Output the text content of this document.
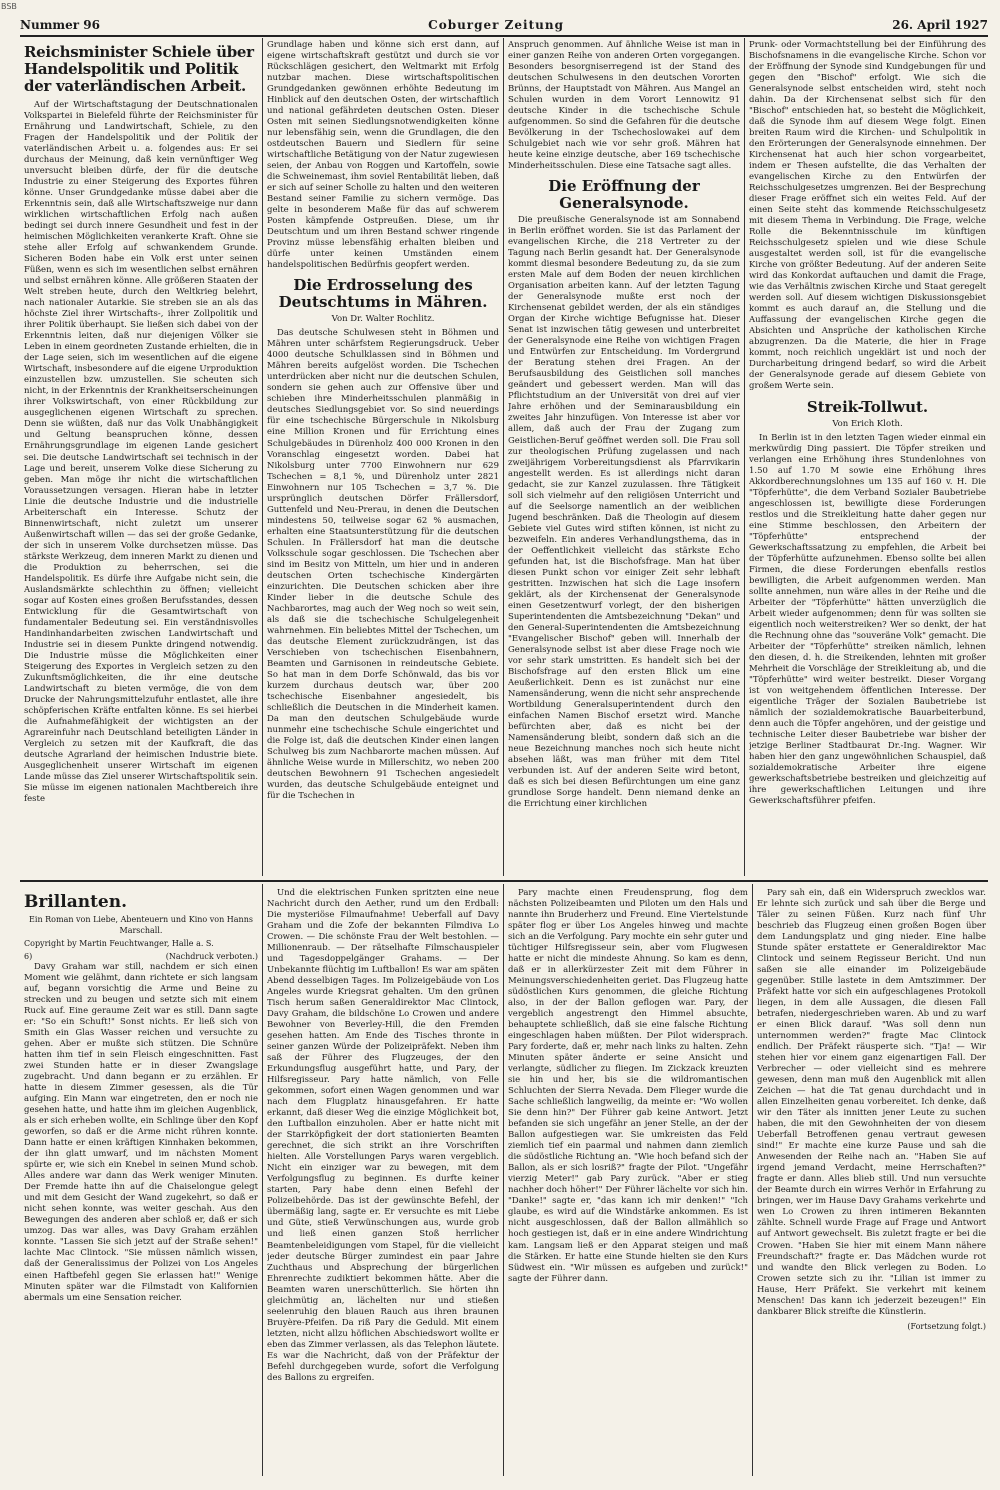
BSB
Nummer 96	Coburger Zeitung	26. April 1927
Reichsminister Schiele über Handelspolitik und Politik der vaterländischen Arbeit.

Auf der Wirtschaftstagung der Deutschnationalen Volkspartei in Bielefeld führte der Reichsminister für Ernährung und Landwirtschaft, Schiele, zu den Fragen der Handelspolitik und der Politik der vaterländischen Arbeit u. a. folgendes aus: Er sei durchaus der Meinung, daß kein vernünftiger Weg unversucht bleiben dürfe, der für die deutsche Industrie zu einer Steigerung des Exportes führen könne. Unser Grundgedanke müsse dabei aber die Erkenntnis sein, daß alle Wirtschaftszweige nur dann wirklichen wirtschaftlichen Erfolg nach außen bedingt sei durch innere Gesundheit und fest in der heimischen Möglichkeiten verankerte Kraft. Ohne sie stehe aller Erfolg auf schwankendem Grunde. Sicheren Boden habe ein Volk erst unter seinen Füßen, wenn es sich im wesentlichen selbst ernähren und selbst ernähren könne. Alle größeren Staaten der Welt streben heute, durch den Weltkrieg belehrt, nach nationaler Autarkie. Sie streben sie an als das höchste Ziel ihrer Wirtschafts-, ihrer Zollpolitik und ihrer Politik überhaupt. Sie ließen sich dabei von der Erkenntnis leiten, daß nur diejenigen Völker sie Leben in einem geordneten Zustande erhielten, die in der Lage seien, sich im wesentlichen auf die eigene Wirtschaft, insbesondere auf die eigene Urproduktion einzustellen bzw. umzustellen. Sie scheuten sich nicht, in der Erkenntnis der Krankheitserscheinungen ihrer Volkswirtschaft, von einer Rückbildung zur ausgeglichenen eigenen Wirtschaft zu sprechen. Denn sie wüßten, daß nur das Volk Unabhängigkeit und Geltung beanspruchen könne, dessen Ernährungsgrundlage im eigenen Lande gesichert sei. Die deutsche Landwirtschaft sei technisch in der Lage und bereit, unserem Volke diese Sicherung zu geben. Man möge ihr nicht die wirtschaftlichen Voraussetzungen versagen. Hieran habe in letzter Linie die deutsche Industrie und die industrielle Arbeiterschaft ein Interesse. Schutz der Binnenwirtschaft, nicht zuletzt um unserer Außenwirtschaft willen — das sei der große Gedanke, der sich in unserem Volke durchsetzen müsse. Das stärkste Werkzeug, dem inneren Markt zu dienen und die Produktion zu beherrschen, sei die Handelspolitik. Es dürfe ihre Aufgabe nicht sein, die Auslandsmärkte schlechthin zu öffnen; vielleicht sogar auf Kosten eines großen Berufsstandes, dessen Entwicklung für die Gesamtwirtschaft von fundamentaler Bedeutung sei. Ein verständnisvolles Handinhandarbeiten zwischen Landwirtschaft und Industrie sei in diesem Punkte dringend notwendig. Die Industrie müsse die Möglichkeiten einer Steigerung des Exportes in Vergleich setzen zu den Zukunftsmöglichkeiten, die ihr eine deutsche Landwirtschaft zu bieten vermöge, die von dem Drucke der Nahrungsmittelzufuhr entlastet, alle ihre schöpferischen Kräfte entfalten könne. Es sei hierbei die Aufnahmefähigkeit der wichtigsten an der Agrareinfuhr nach Deutschland beteiligten Länder in Vergleich zu setzen mit der Kaufkraft, die das deutsche Agrarland der heimischen Industrie biete. Ausgeglichenheit unserer Wirtschaft im eigenen Lande müsse das Ziel unserer Wirtschaftspolitik sein. Sie müsse im eigenen nationalen Machtbereich ihre feste

Grundlage haben und könne sich erst dann, auf eigene wirtschaftskraft gestützt und durch sie vor Rückschlägen gesichert, den Weltmarkt mit Erfolg nutzbar machen. Diese wirtschaftspolitischen Grundgedanken gewönnen erhöhte Bedeutung im Hinblick auf den deutschen Osten, der wirtschaftlich und national gefährdeten deutschen Osten. Dieser Osten mit seinen Siedlungsnotwendigkeiten könne nur lebensfähig sein, wenn die Grundlagen, die den ostdeutschen Bauern und Siedlern für seine wirtschaftliche Betätigung von der Natur zugewiesen seien, der Anbau von Roggen und Kartoffeln, sowie die Schweinemast, ihm soviel Rentabilität lieben, daß er sich auf seiner Scholle zu halten und den weiteren Bestand seiner Familie zu sichern vermöge. Das gelte in besonderem Maße für das auf schwerem Posten kämpfende Ostpreußen. Diese, um ihr Deutschtum und um ihren Bestand schwer ringende Provinz müsse lebensfähig erhalten bleiben und dürfe unter keinen Umständen einem handelspolitischen Bedürfnis geopfert werden.

Die Erdrosselung des Deutschtums in Mähren.
Von Dr. Walter Rochlitz.

Das deutsche Schulwesen steht in Böhmen und Mähren unter schärfstem Regierungsdruck. Ueber 4000 deutsche Schulklassen sind in Böhmen und Mähren bereits aufgelöst worden. Die Tschechen unterdrücken aber nicht nur die deutschen Schulen, sondern sie gehen auch zur Offensive über und schieben ihre Minderheitsschulen planmäßig in deutsches Siedlungsgebiet vor. So sind neuerdings für eine tschechische Bürgerschule in Nikolsburg eine Million Kronen und für Errichtung eines Schulgebäudes in Dürenholz 400 000 Kronen in den Voranschlag eingesetzt worden. Dabei hat Nikolsburg unter 7700 Einwohnern nur 629 Tschechen = 8,1 %, und Dürenholz unter 2821 Einwohnern nur 105 Tschechen = 3,7 %. Die ursprünglich deutschen Dörfer Frällersdorf, Guttenfeld und Neu-Prerau, in denen die Deutschen mindestens 50, teilweise sogar 62 % ausmachen, erhalten eine Staatsunterstützung für die deutschen Schulen. In Frällersdorf hat man die deutsche Volksschule sogar geschlossen. Die Tschechen aber sind im Besitz von Mitteln, um hier und in anderen deutschen Orten tschechische Kindergärten einzurichten. Die Deutschen schicken aber ihre Kinder lieber in die deutsche Schule des Nachbarortes, mag auch der Weg noch so weit sein, als daß sie die tschechische Schulgelegenheit wahrnehmen. Ein beliebtes Mittel der Tschechen, um das deutsche Element zurückzudrängen, ist das Verschieben von tschechischen Eisenbahnern, Beamten und Garnisonen in reindeutsche Gebiete. So hat man in dem Dorfe Schönwald, das bis vor kurzem durchaus deutsch war, über 200 tschechische Eisenbahner angesiedelt, bis schließlich die Deutschen in die Minderheit kamen. Da man den deutschen Schulgebäude wurde nunmehr eine tschechische Schule eingerichtet und die Folge ist, daß die deutschen Kinder einen langen Schulweg bis zum Nachbarorte machen müssen. Auf ähnliche Weise wurde in Millerschitz, wo neben 200 deutschen Bewohnern 91 Tschechen angesiedelt wurden, das deutsche Schulgebäude enteignet und für die Tschechen in

Anspruch genommen. Auf ähnliche Weise ist man in einer ganzen Reihe von anderen Orten vorgegangen. Besonders besorgniserregend ist der Stand des deutschen Schulwesens in den deutschen Vororten Brünns, der Hauptstadt von Mähren. Aus Mangel an Schulen wurden in dem Vorort Lennowitz 91 deutsche Kinder in die tschechische Schule aufgenommen. So sind die Gefahren für die deutsche Bevölkerung in der Tschechoslowakei auf dem Schulgebiet nach wie vor sehr groß. Mähren hat heute keine einzige deutsche, aber 169 tschechische Minderheitsschulen. Diese eine Tatsache sagt alles.

Die Eröffnung der Generalsynode.

Die preußische Generalsynode ist am Sonnabend in Berlin eröffnet worden. Sie ist das Parlament der evangelischen Kirche, die 218 Vertreter zu der Tagung nach Berlin gesandt hat. Der Generalsynode kommt diesmal besondere Bedeutung zu, da sie zum ersten Male auf dem Boden der neuen kirchlichen Organisation arbeiten kann. Auf der letzten Tagung der Generalsynode mußte erst noch der Kirchensenat gebildet werden, der als ein ständiges Organ der Kirche wichtige Befugnisse hat. Dieser Senat ist inzwischen tätig gewesen und unterbreitet der Generalsynode eine Reihe von wichtigen Fragen und Entwürfen zur Entscheidung. Im Vordergrund der Beratung stehen drei Fragen. An der Berufsausbildung des Geistlichen soll manches geändert und gebessert werden. Man will das Pflichtstudium an der Universität von drei auf vier Jahre erhöhen und der Seminarausbildung ein zweites Jahr hinzufügen. Von Interesse ist aber vor allem, daß auch der Frau der Zugang zum Geistlichen-Beruf geöffnet werden soll. Die Frau soll zur theologischen Prüfung zugelassen und nach zweijährigem Vorbereitungsdienst als Pfarrvikarin angestellt werden. Es ist allerdings nicht daran gedacht, sie zur Kanzel zuzulassen. Ihre Tätigkeit soll sich vielmehr auf den religiösen Unterricht und auf die Seelsorge namentlich an der weiblichen Jugend beschränken. Daß die Theologin auf diesem Gebiete viel Gutes wird stiften können, ist nicht zu bezweifeln. Ein anderes Verhandlungsthema, das in der Oeffentlichkeit vielleicht das stärkste Echo gefunden hat, ist die Bischofsfrage. Man hat über diesen Punkt schon vor einiger Zeit sehr lebhaft gestritten. Inzwischen hat sich die Lage insofern geklärt, als der Kirchensenat der Generalsynode einen Gesetzentwurf vorlegt, der den bisherigen Superintendenten die Amtsbezeichnung "Dekan" und den General-Superintendenten die Amtsbezeichnung "Evangelischer Bischof" geben will. Innerhalb der Generalsynode selbst ist aber diese Frage noch wie vor sehr stark umstritten. Es handelt sich bei der Bischofsfrage auf den ersten Blick um eine Aeußerlichkeit. Denn es ist zunächst nur eine Namensänderung, wenn die nicht sehr ansprechende Wortbildung Generalsuperintendent durch den einfachen Namen Bischof ersetzt wird. Manche befürchten aber, daß es nicht bei der Namensänderung bleibt, sondern daß sich an die neue Bezeichnung manches noch sich heute nicht absehen läßt, was man früher mit dem Titel verbunden ist. Auf der anderen Seite wird betont, daß es sich bei diesen Befürchtungen um eine ganz grundlose Sorge handelt. Denn niemand denke an die Errichtung einer kirchlichen

Prunk- oder Vormachtstellung bei der Einführung des Bischofsnamens in die evangelische Kirche. Schon vor der Eröffnung der Synode sind Kundgebungen für und gegen den "Bischof" erfolgt. Wie sich die Generalsynode selbst entscheiden wird, steht noch dahin. Da der Kirchensenat selbst sich für den "Bischof" entschieden hat, so besteht die Möglichkeit, daß die Synode ihm auf diesem Wege folgt. Einen breiten Raum wird die Kirchen- und Schulpolitik in den Erörterungen der Generalsynode einnehmen. Der Kirchensenat hat auch hier schon vorgearbeitet, indem er Thesen aufstellte, die das Verhalten der evangelischen Kirche zu den Entwürfen der Reichsschulgesetzes umgrenzen. Bei der Besprechung dieser Frage eröffnet sich ein weites Feld. Auf der einen Seite steht das kommende Reichsschulgesetz mit diesem Thema in Verbindung. Die Frage, welche Rolle die Bekenntnisschule im künftigen Reichsschulgesetz spielen und wie diese Schule ausgestaltet werden soll, ist für die evangelische Kirche von größter Bedeutung. Auf der anderen Seite wird das Konkordat auftauchen und damit die Frage, wie das Verhältnis zwischen Kirche und Staat geregelt werden soll. Auf diesem wichtigen Diskussionsgebiet kommt es auch darauf an, die Stellung und die Auffassung der evangelischen Kirche gegen die Absichten und Ansprüche der katholischen Kirche abzugrenzen. Da die Materie, die hier in Frage kommt, noch reichlich ungeklärt ist und noch der Durcharbeitung dringend bedarf, so wird die Arbeit der Generalsynode gerade auf diesem Gebiete von großem Werte sein.

Streik-Tollwut.
Von Erich Kloth.

In Berlin ist in den letzten Tagen wieder einmal ein merkwürdig Ding passiert. Die Töpfer streiken und verlangen eine Erhöhung ihres Stundenlohnes von 1.50 auf 1.70 M sowie eine Erhöhung ihres Akkordberechnungslohnes um 135 auf 160 v. H. Die "Töpferhütte", die dem Verband Sozialer Baubetriebe angeschlossen ist, bewilligte diese Forderungen restlos und die Streikleitung hatte daher gegen nur eine Stimme beschlossen, den Arbeitern der "Töpferhütte" entsprechend der Gewerkschaftssatzung zu empfehlen, die Arbeit bei der Töpferhütte aufzunehmen. Ebenso sollte bei allen Firmen, die diese Forderungen ebenfalls restlos bewilligten, die Arbeit aufgenommen werden. Man sollte annehmen, nun wäre alles in der Reihe und die Arbeiter der "Töpferhütte" hätten unverzüglich die Arbeit wieder aufgenommen; denn für was sollten sie eigentlich noch weiterstreiken? Wer so denkt, der hat die Rechnung ohne das "souveräne Volk" gemacht. Die Arbeiter der "Töpferhütte" streiken nämlich, lehnen den diesen, d. h. die Streikenden, lehnten mit großer Mehrheit die Vorschläge der Streikleitung ab, und die "Töpferhütte" wird weiter bestreikt. Dieser Vorgang ist von weitgehendem öffentlichen Interesse. Der eigentliche Träger der Sozialen Baubetriebe ist nämlich der sozialdemokratische Bauarbeiterbund, denn auch die Töpfer angehören, und der geistige und technische Leiter dieser Baubetriebe war bisher der jetzige Berliner Stadtbaurat Dr.-Ing. Wagner. Wir haben hier den ganz ungewöhnlichen Schauspiel, daß sozialdemokratische Arbeiter ihre eigene gewerkschaftsbetriebe bestreiken und gleichzeitig auf ihre gewerkschaftlichen Leitungen und ihre Gewerkschaftsführer pfeifen.

Brillanten.
Ein Roman von Liebe, Abenteuern und Kino von Hanns Marschall.
Copyright by Martin Feuchtwanger, Halle a. S.
6)	(Nachdruck verboten.)

Davy Graham war still, nachdem er sich einen Moment wie gelähmt, dann richtete er sich langsam auf, begann vorsichtig die Arme und Beine zu strecken und zu beugen und setzte sich mit einem Ruck auf. Eine geraume Zeit war es still. Dann sagte er: "So ein Schuft!" Sonst nichts. Er ließ sich von Smith ein Glas Wasser reichen und versuchte zu gehen. Aber er mußte sich stützen. Die Schnüre hatten ihm tief in sein Fleisch eingeschnitten. Fast zwei Stunden hatte er in dieser Zwangslage zugebracht. Und dann begann er zu erzählen. Er hatte in diesem Zimmer gesessen, als die Tür aufging. Ein Mann war eingetreten, den er noch nie gesehen hatte, und hatte ihm im gleichen Augenblick, als er sich erheben wollte, ein Schlinge über den Kopf geworfen, so daß er die Arme nicht rühren konnte. Dann hatte er einen kräftigen Kinnhaken bekommen, der ihn glatt umwarf, und im nächsten Moment spürte er, wie sich ein Knebel in seinen Mund schob. Alles andere war dann das Werk weniger Minuten. Der Fremde hatte ihn auf die Chaiselongue gelegt und mit dem Gesicht der Wand zugekehrt, so daß er nicht sehen konnte, was weiter geschah. Aus den Bewegungen des anderen aber schloß er, daß er sich umzog. Das war alles, was Davy Graham erzählen konnte. "Lassen Sie sich jetzt auf der Straße sehen!" lachte Mac Clintock. "Sie müssen nämlich wissen, daß der Generalissimus der Polizei von Los Angeles einen Haftbefehl gegen Sie erlassen hat!" Wenige Minuten später war die Filmstadt von Kalifornien abermals um eine Sensation reicher.

Und die elektrischen Funken spritzten eine neue Nachricht durch den Aether, rund um den Erdball: Die mysteriöse Filmaufnahme! Ueberfall auf Davy Graham und die Zofe der bekannten Filmdiva Lo Crowen. — Die schönste Frau der Welt bestohlen. — Millionenraub. — Der rätselhafte Filmschauspieler und Tagesdoppelgänger Grahams. — Der Unbekannte flüchtig im Luftballon! Es war am späten Abend desselbigen Tages. Im Polizeigebäude von Los Angeles wurde Kriegsrat gehalten. Um den grünen Tisch herum saßen Generaldirektor Mac Clintock, Davy Graham, die bildschöne Lo Crowen und andere Bewohner von Beverley-Hill, die den Fremden gesehen hatten. Am Ende des Tisches thronte in seiner ganzen Würde der Polizeipräfekt. Neben ihm saß der Führer des Flugzeuges, der den Erkundungsflug ausgeführt hatte, und Pary, der Hilfsregisseur. Pary hatte nämlich, von Felle gekommen, sofort einen Wagen genommen und war nach dem Flugplatz hinausgefahren. Er hatte erkannt, daß dieser Weg die einzige Möglichkeit bot, den Luftballon einzuholen. Aber er hatte nicht mit der Starrköpfigkeit der dort stationierten Beamten gerechnet, die sich strikt an ihre Vorschriften hielten. Alle Vorstellungen Parys waren vergeblich. Nicht ein einziger war zu bewegen, mit dem Verfolgungsflug zu beginnen. Es durfte keiner starten, Pary habe denn einen Befehl der Polizeibehörde. Das ist der gewünschte Befehl, der übermäßig lang, sagte er. Er versuchte es mit Liebe und Güte, stieß Verwünschungen aus, wurde grob und ließ einen ganzen Stoß herrlicher Beamtenbeleidigungen vom Stapel, für die vielleicht jeder deutsche Bürger zumindest ein paar Jahre Zuchthaus und Absprechung der bürgerlichen Ehrenrechte zudiktiert bekommen hätte. Aber die Beamten waren unerschütterlich. Sie hörten ihn gleichmütig an, lächelten nur und stießen seelenruhig den blauen Rauch aus ihren braunen Bruyère-Pfeifen. Da riß Pary die Geduld. Mit einem letzten, nicht allzu höflichen Abschiedswort wollte er eben das Zimmer verlassen, als das Telephon läutete. Es war die Nachricht, daß von der Präfektur der Befehl durchgegeben wurde, sofort die Verfolgung des Ballons zu ergreifen.

Pary machte einen Freudensprung, flog dem nächsten Polizeibeamten und Piloten um den Hals und nannte ihn Bruderherz und Freund. Eine Viertelstunde später flog er über Los Angeles hinweg und machte sich an die Verfolgung. Pary mochte ein sehr guter und tüchtiger Hilfsregisseur sein, aber vom Flugwesen hatte er nicht die mindeste Ahnung. So kam es denn, daß er in allerkürzester Zeit mit dem Führer in Meinungsverschiedenheiten geriet. Das Flugzeug hatte südöstlichen Kurs genommen, die gleiche Richtung also, in der der Ballon geflogen war. Pary, der vergeblich angestrengt den Himmel absuchte, behauptete schließlich, daß sie eine falsche Richtung eingeschlagen haben müßten. Der Pilot widersprach. Pary forderte, daß er, mehr nach links zu halten. Zehn Minuten später änderte er seine Ansicht und verlangte, südlicher zu fliegen. Im Zickzack kreuzten sie hin und her, bis sie die wildromantischen Schluchten der Sierra Nevada. Dem Flieger wurde die Sache schließlich langweilig, da meinte er: "Wo wollen Sie denn hin?" Der Führer gab keine Antwort. Jetzt befanden sie sich ungefähr an jener Stelle, an der der Ballon aufgestiegen war. Sie umkreisten das Feld ziemlich tief ein paarmal und nahmen dann ziemlich die südöstliche Richtung an. "Wie hoch befand sich der Ballon, als er sich losriß?" fragte der Pilot. "Ungefähr vierzig Meter!" gab Pary zurück. "Aber er stieg nachher doch höher!" Der Führer lächelte vor sich hin. "Danke!" sagte er, "das kann ich mir denken!" "Ich glaube, es wird auf die Windstärke ankommen. Es ist nicht ausgeschlossen, daß der Ballon allmählich so hoch gestiegen ist, daß er in eine andere Windrichtung kam. Langsam ließ er den Apparat steigen und maß die Stärken. Er hatte eine Stunde hielten sie den Kurs Südwest ein. "Wir müssen es aufgeben und zurück!" sagte der Führer dann.

Pary sah ein, daß ein Widerspruch zwecklos war. Er lehnte sich zurück und sah über die Berge und Täler zu seinen Füßen. Kurz nach fünf Uhr beschrieb das Flugzeug einen großen Bogen über dem Landungsplatz und ging nieder. Eine halbe Stunde später erstattete er Generaldirektor Mac Clintock und seinem Regisseur Bericht. Und nun saßen sie alle einander im Polizeigebäude gegenüber. Stille lastete in dem Amtszimmer. Der Präfekt hatte vor sich ein aufgeschlagenes Protokoll liegen, in dem alle Aussagen, die diesen Fall betrafen, niedergeschrieben waren. Ab und zu warf er einen Blick darauf. "Was soll denn nun unternommen werden?" fragte Mac Clintock endlich. Der Präfekt räusperte sich. "Tja! — Wir stehen hier vor einem ganz eigenartigen Fall. Der Verbrecher — oder vielleicht sind es mehrere gewesen, denn man muß den Augenblick mit allen Zeichen — hat die Tat genau durchdacht und in allen Einzelheiten genau vorbereitet. Ich denke, daß wir den Täter als innitten jener Leute zu suchen haben, die mit den Gewohnheiten der von diesem Ueberfall Betroffenen genau vertraut gewesen sind!" Er machte eine kurze Pause und sah die Anwesenden der Reihe nach an. "Haben Sie auf irgend jemand Verdacht, meine Herrschaften?" fragte er dann. Alles blieb still. Und nun versuchte der Beamte durch ein wirres Verhör in Erfahrung zu bringen, wer im Hause Davy Grahams verkehrte und wen Lo Crowen zu ihren intimeren Bekannten zählte. Schnell wurde Frage auf Frage und Antwort auf Antwort gewechselt. Bis zuletzt fragte er bei die Crowen. "Haben Sie hier mit einem Mann nähere Freundschaft?" fragte er. Das Mädchen wurde rot und wandte den Blick verlegen zu Boden. Lo Crowen setzte sich zu ihr. "Lilian ist immer zu Hause, Herr Präfekt. Sie verkehrt mit keinem Menschen! Das kann ich jederzeit bezeugen!" Ein dankbarer Blick streifte die Künstlerin.

(Fortsetzung folgt.)
